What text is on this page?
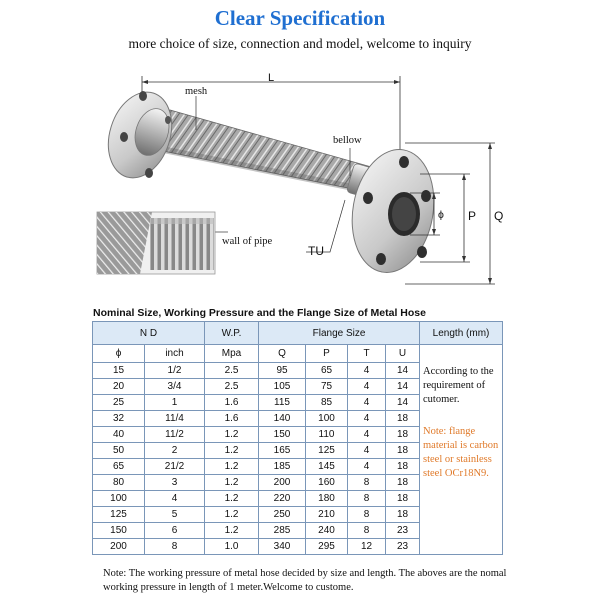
Clear Specification
more choice of size, connection and model, welcome to inquiry
L
mesh
bellow
wall of pipe
TU
ϕ P Q
Nominal Size, Working Pressure and the Flange Size of Metal Hose
N D		W.P.	Flange Size				Length (mm)
ϕ	inch	Mpa	Q	P	T	U	According to the requirement of cutomer.
Note: flange material is carbon steel or stainless steel OCr18N9.

15	1/2	2.5	95	65	4	14	
20	3/4	2.5	105	75	4	14	
25	1	1.6	115	85	4	14	
32	11/4	1.6	140	100	4	18	
40	11/2	1.2	150	110	4	18	
50	2	1.2	165	125	4	18	
65	21/2	1.2	185	145	4	18	
80	3	1.2	200	160	8	18	
100	4	1.2	220	180	8	18	
125	5	1.2	250	210	8	18	
150	6	1.2	285	240	8	23	
200	8	1.0	340	295	12	23	
Note: The working pressure of metal hose decided by size and length. The aboves are the nomal working pressure in length of 1 meter.Welcome to custome.
